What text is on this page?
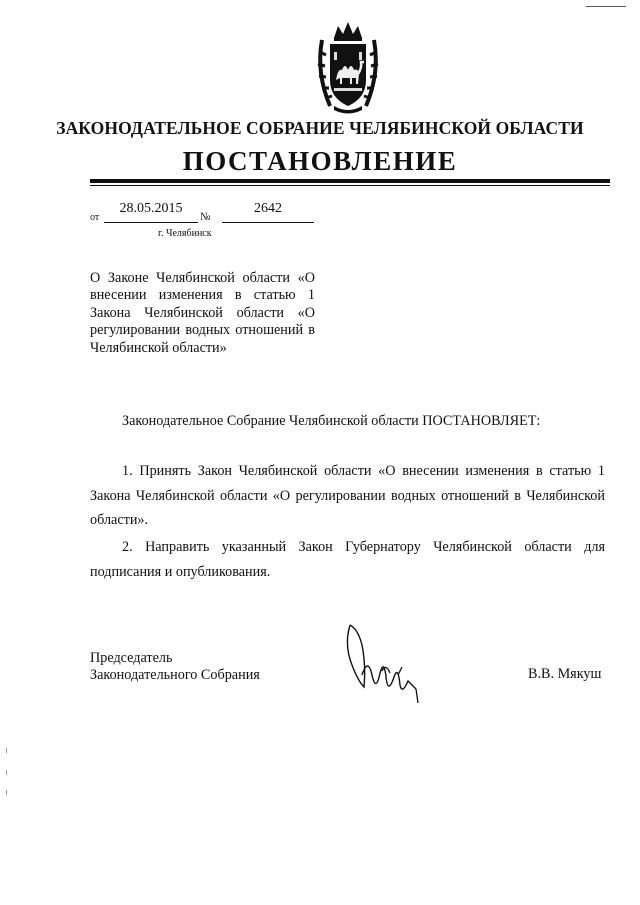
ЗАКОНОДАТЕЛЬНОЕ СОБРАНИЕ ЧЕЛЯБИНСКОЙ ОБЛАСТИ
ПОСТАНОВЛЕНИЕ
от
28.05.2015
№
2642
г. Челябинск
О Законе Челябинской области «О внесении изменения в статью 1 Закона Челябинской области «О регулировании водных отношений в Челябинской области»
Законодательное Собрание Челябинской области ПОСТАНОВЛЯЕТ:
1. Принять Закон Челябинской области «О внесении изменения в статью 1 Закона Челябинской области «О регулировании водных отношений в Челябинской области».
2. Направить указанный Закон Губернатору Челябинской области для подписания и опубликования.
Председатель
Законодательного Собрания	В.В. Мякуш
